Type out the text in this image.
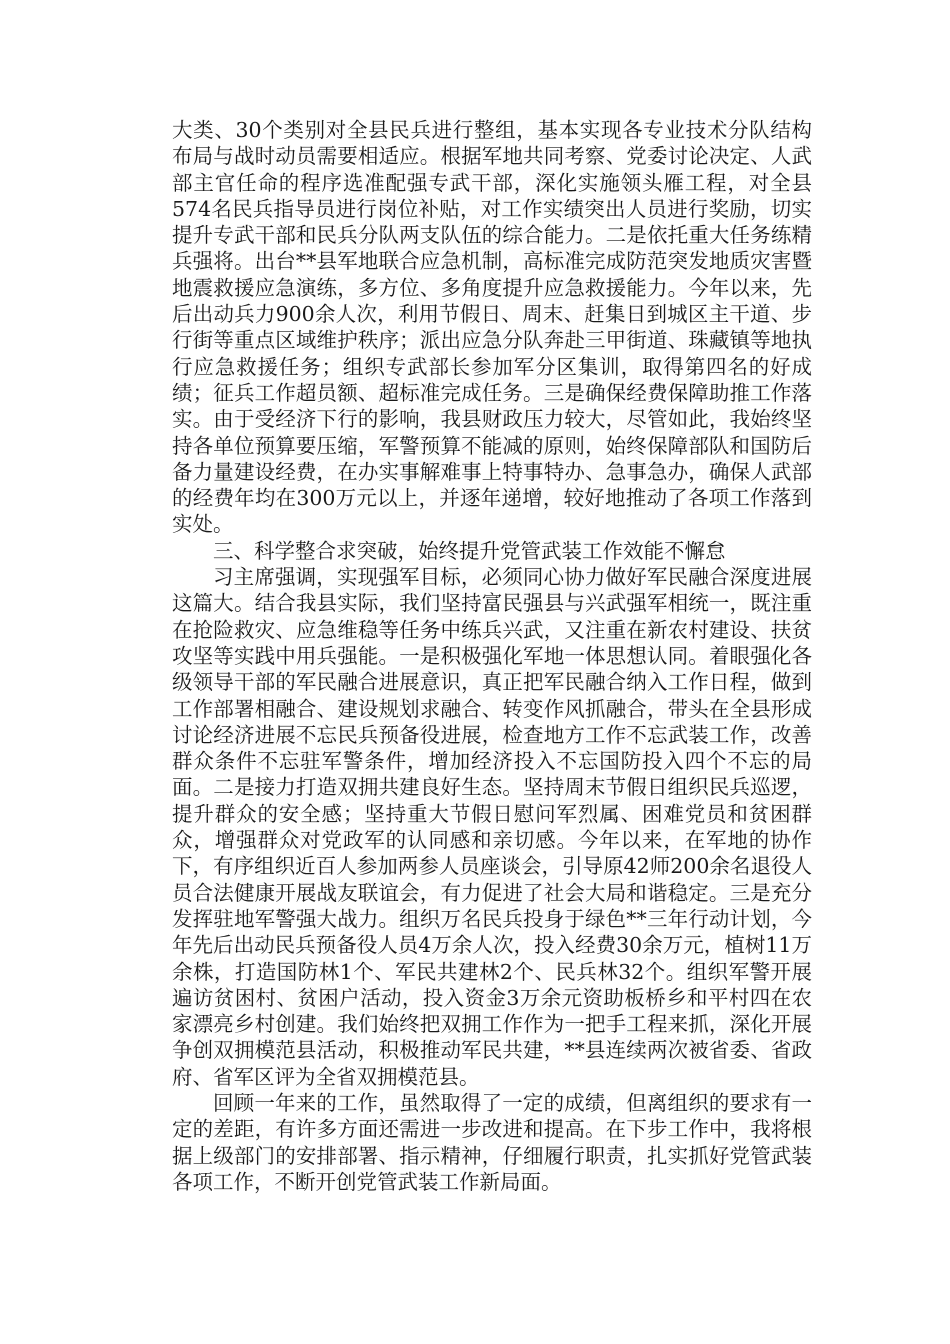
大类、30个类别对全县民兵进行整组，基本实现各专业技术分队结构布局与战时动员需要相适应。根据军地共同考察、党委讨论决定、人武部主官任命的程序选准配强专武干部，深化实施领头雁工程，对全县574名民兵指导员进行岗位补贴，对工作实绩突出人员进行奖励，切实提升专武干部和民兵分队两支队伍的综合能力。二是依托重大任务练精兵强将。出台**县军地联合应急机制，高标准完成防范突发地质灾害暨地震救援应急演练，多方位、多角度提升应急救援能力。今年以来，先后出动兵力900余人次，利用节假日、周末、赶集日到城区主干道、步行街等重点区域维护秩序；派出应急分队奔赴三甲街道、珠藏镇等地执行应急救援任务；组织专武部长参加军分区集训，取得第四名的好成绩；征兵工作超员额、超标准完成任务。三是确保经费保障助推工作落实。由于受经济下行的影响，我县财政压力较大，尽管如此，我始终坚持各单位预算要压缩，军警预算不能减的原则，始终保障部队和国防后备力量建设经费，在办实事解难事上特事特办、急事急办，确保人武部的经费年均在300万元以上，并逐年递增，较好地推动了各项工作落到实处。

三、科学整合求突破，始终提升党管武装工作效能不懈怠

习主席强调，实现强军目标，必须同心协力做好军民融合深度进展这篇大。结合我县实际，我们坚持富民强县与兴武强军相统一，既注重在抢险救灾、应急维稳等任务中练兵兴武，又注重在新农村建设、扶贫攻坚等实践中用兵强能。一是积极强化军地一体思想认同。着眼强化各级领导干部的军民融合进展意识，真正把军民融合纳入工作日程，做到工作部署相融合、建设规划求融合、转变作风抓融合，带头在全县形成讨论经济进展不忘民兵预备役进展，检查地方工作不忘武装工作，改善群众条件不忘驻军警条件，增加经济投入不忘国防投入四个不忘的局面。二是接力打造双拥共建良好生态。坚持周末节假日组织民兵巡逻，提升群众的安全感；坚持重大节假日慰问军烈属、困难党员和贫困群众，增强群众对党政军的认同感和亲切感。今年以来，在军地的协作下，有序组织近百人参加两参人员座谈会，引导原42师200余名退役人员合法健康开展战友联谊会，有力促进了社会大局和谐稳定。三是充分发挥驻地军警强大战力。组织万名民兵投身于绿色**三年行动计划，今年先后出动民兵预备役人员4万余人次，投入经费30余万元，植树11万余株，打造国防林1个、军民共建林2个、民兵林32个。组织军警开展遍访贫困村、贫困户活动，投入资金3万余元资助板桥乡和平村四在农家漂亮乡村创建。我们始终把双拥工作作为一把手工程来抓，深化开展争创双拥模范县活动，积极推动军民共建，**县连续两次被省委、省政府、省军区评为全省双拥模范县。

回顾一年来的工作，虽然取得了一定的成绩，但离组织的要求有一定的差距，有许多方面还需进一步改进和提高。在下步工作中，我将根据上级部门的安排部署、指示精神，仔细履行职责，扎实抓好党管武装各项工作，不断开创党管武装工作新局面。
